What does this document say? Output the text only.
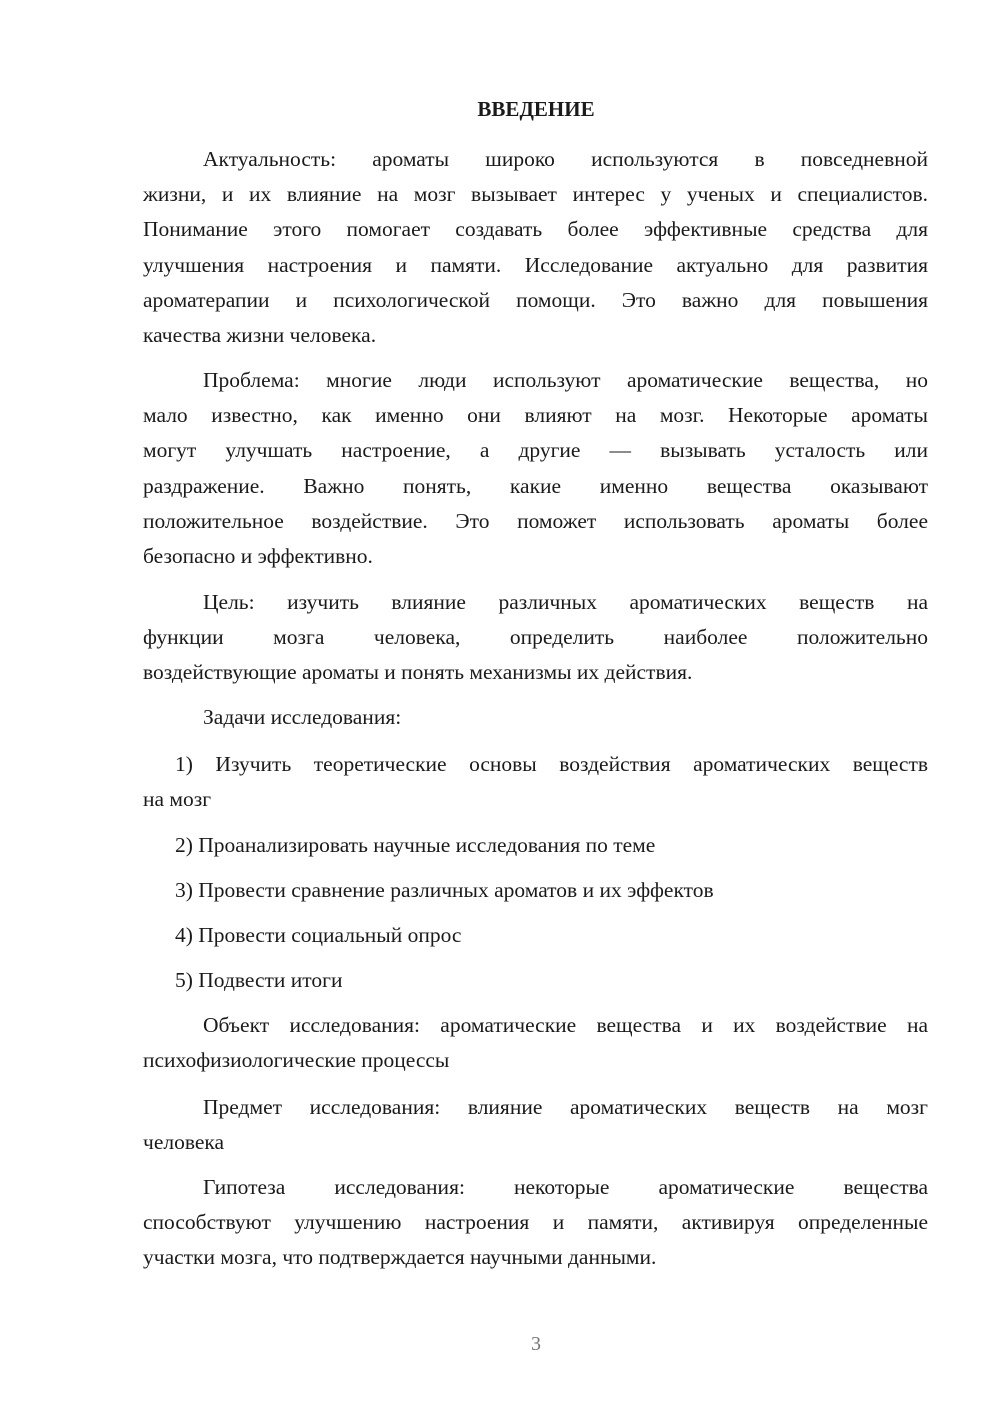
ВВЕДЕНИЕ
Актуальность: ароматы широко используются в повседневной
жизни, и их влияние на мозг вызывает интерес у ученых и специалистов.
Понимание этого помогает создавать более эффективные средства для
улучшения настроения и памяти. Исследование актуально для развития
ароматерапии и психологической помощи. Это важно для повышения
качества жизни человека.
Проблема: многие люди используют ароматические вещества, но
мало известно, как именно они влияют на мозг. Некоторые ароматы
могут улучшать настроение, а другие — вызывать усталость или
раздражение. Важно понять, какие именно вещества оказывают
положительное воздействие. Это поможет использовать ароматы более
безопасно и эффективно.
Цель: изучить влияние различных ароматических веществ на
функции мозга человека, определить наиболее положительно
воздействующие ароматы и понять механизмы их действия.
Задачи исследования:
1) Изучить теоретические основы воздействия ароматических веществ
на мозг
2) Проанализировать научные исследования по теме
3) Провести сравнение различных ароматов и их эффектов
4) Провести социальный опрос
5) Подвести итоги
Объект исследования: ароматические вещества и их воздействие на
психофизиологические процессы
Предмет исследования: влияние ароматических веществ на мозг
человека
Гипотеза исследования: некоторые ароматические вещества
способствуют улучшению настроения и памяти, активируя определенные
участки мозга, что подтверждается научными данными.
3
